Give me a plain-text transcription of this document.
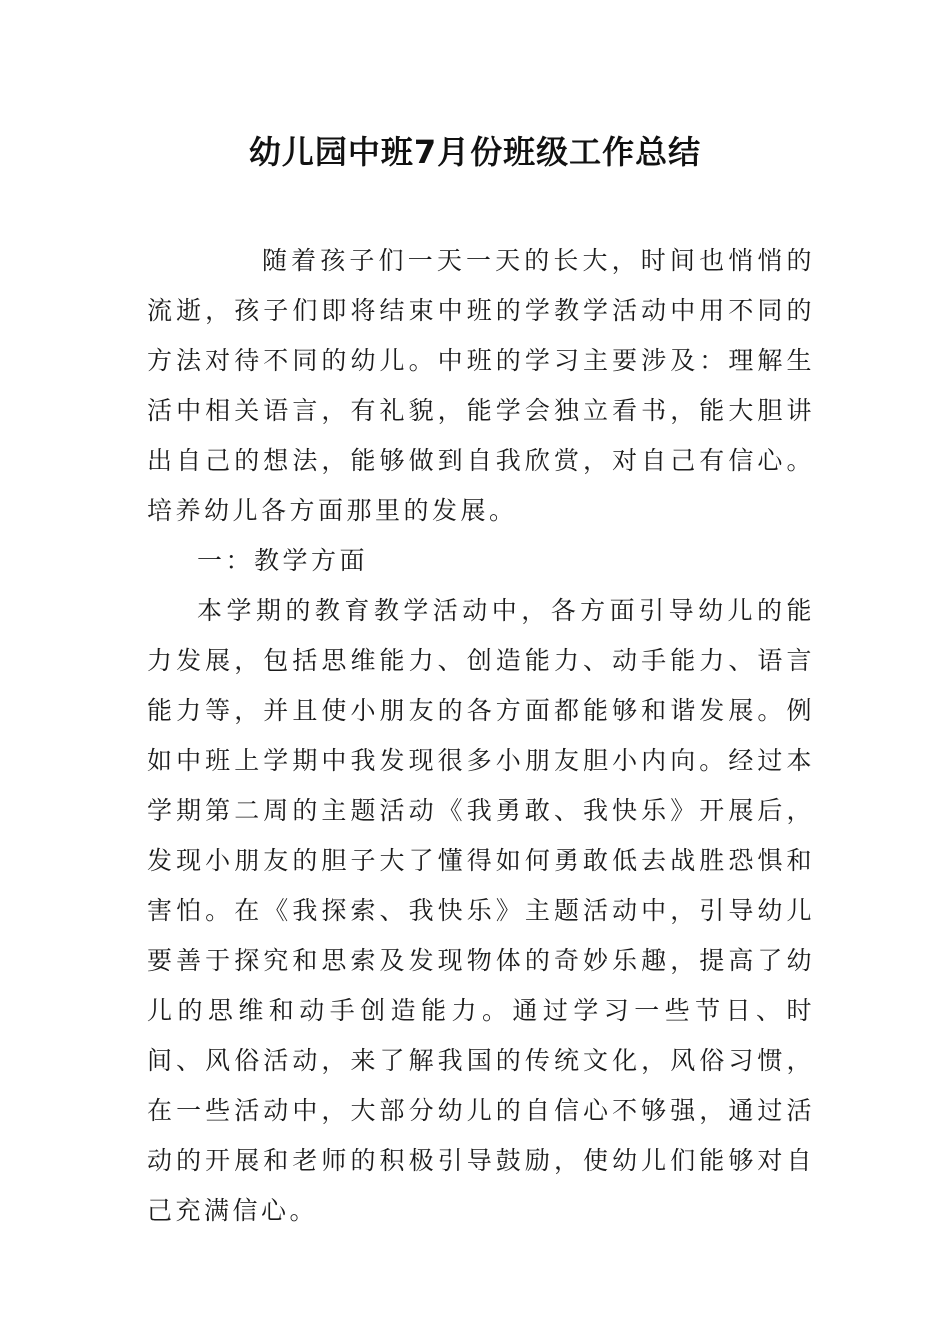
幼儿园中班7月份班级工作总结

随着孩子们一天一天的长大，时间也悄悄的流逝，孩子们即将结束中班的学教学活动中用不同的方法对待不同的幼儿。中班的学习主要涉及：理解生活中相关语言，有礼貌，能学会独立看书，能大胆讲出自己的想法，能够做到自我欣赏，对自己有信心。培养幼儿各方面那里的发展。

一：教学方面

本学期的教育教学活动中，各方面引导幼儿的能力发展，包括思维能力、创造能力、动手能力、语言能力等，并且使小朋友的各方面都能够和谐发展。例如中班上学期中我发现很多小朋友胆小内向。经过本学期第二周的主题活动《我勇敢、我快乐》开展后，发现小朋友的胆子大了懂得如何勇敢低去战胜恐惧和害怕。在《我探索、我快乐》主题活动中，引导幼儿要善于探究和思索及发现物体的奇妙乐趣，提高了幼儿的思维和动手创造能力。通过学习一些节日、时间、风俗活动，来了解我国的传统文化，风俗习惯，在一些活动中，大部分幼儿的自信心不够强，通过活动的开展和老师的积极引导鼓励，使幼儿们能够对自己充满信心。
